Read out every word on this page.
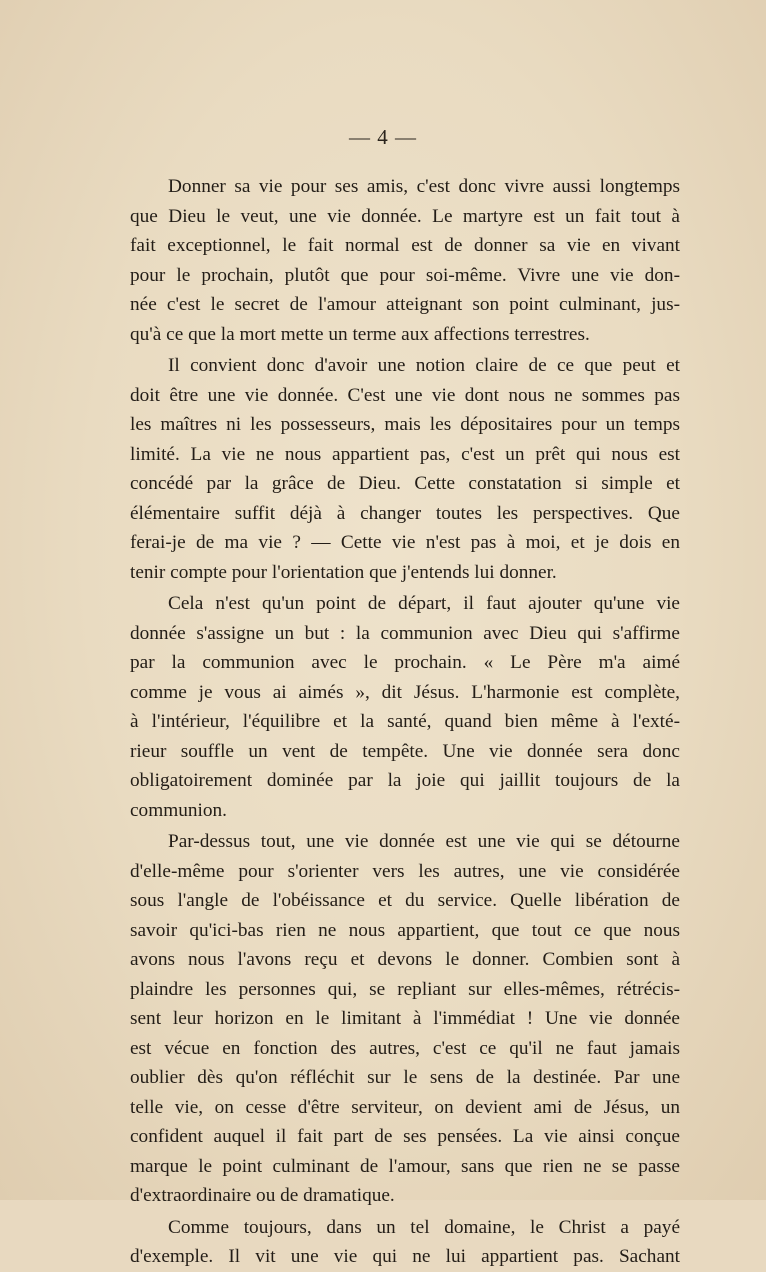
— 4 —
Donner sa vie pour ses amis, c'est donc vivre aussi longtemps
que Dieu le veut, une vie donnée. Le martyre est un fait tout à
fait exceptionnel, le fait normal est de donner sa vie en vivant
pour le prochain, plutôt que pour soi-même. Vivre une vie don-
née c'est le secret de l'amour atteignant son point culminant, jus-
qu'à ce que la mort mette un terme aux affections terrestres.
Il convient donc d'avoir une notion claire de ce que peut et
doit être une vie donnée. C'est une vie dont nous ne sommes pas
les maîtres ni les possesseurs, mais les dépositaires pour un temps
limité. La vie ne nous appartient pas, c'est un prêt qui nous est
concédé par la grâce de Dieu. Cette constatation si simple et
élémentaire suffit déjà à changer toutes les perspectives. Que
ferai-je de ma vie ? — Cette vie n'est pas à moi, et je dois en
tenir compte pour l'orientation que j'entends lui donner.
Cela n'est qu'un point de départ, il faut ajouter qu'une vie
donnée s'assigne un but : la communion avec Dieu qui s'affirme
par la communion avec le prochain. « Le Père m'a aimé
comme je vous ai aimés », dit Jésus. L'harmonie est complète,
à l'intérieur, l'équilibre et la santé, quand bien même à l'exté-
rieur souffle un vent de tempête. Une vie donnée sera donc
obligatoirement dominée par la joie qui jaillit toujours de la
communion.
Par-dessus tout, une vie donnée est une vie qui se détourne
d'elle-même pour s'orienter vers les autres, une vie considérée
sous l'angle de l'obéissance et du service. Quelle libération de
savoir qu'ici-bas rien ne nous appartient, que tout ce que nous
avons nous l'avons reçu et devons le donner. Combien sont à
plaindre les personnes qui, se repliant sur elles-mêmes, rétrécis-
sent leur horizon en le limitant à l'immédiat ! Une vie donnée
est vécue en fonction des autres, c'est ce qu'il ne faut jamais
oublier dès qu'on réfléchit sur le sens de la destinée. Par une
telle vie, on cesse d'être serviteur, on devient ami de Jésus, un
confident auquel il fait part de ses pensées. La vie ainsi conçue
marque le point culminant de l'amour, sans que rien ne se passe
d'extraordinaire ou de dramatique.
Comme toujours, dans un tel domaine, le Christ a payé
d'exemple. Il vit une vie qui ne lui appartient pas. Sachant
